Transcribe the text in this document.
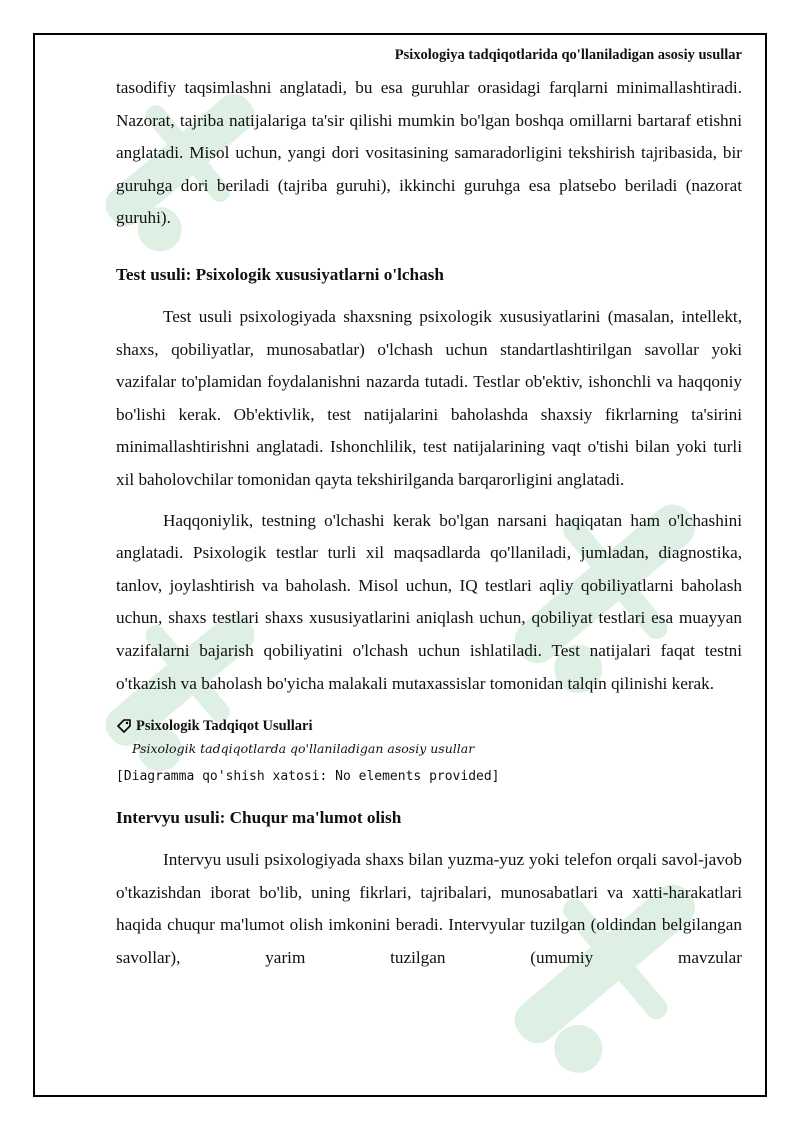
Psixologiya tadqiqotlarida qo'llaniladigan asosiy usullar

tasodifiy taqsimlashni anglatadi, bu esa guruhlar orasidagi farqlarni minimallashtiradi. Nazorat, tajriba natijalariga ta'sir qilishi mumkin bo'lgan boshqa omillarni bartaraf etishni anglatadi. Misol uchun, yangi dori vositasining samaradorligini tekshirish tajribasida, bir guruhga dori beriladi (tajriba guruhi), ikkinchi guruhga esa platsebo beriladi (nazorat guruhi).

Test usuli: Psixologik xususiyatlarni o'lchash

Test usuli psixologiyada shaxsning psixologik xususiyatlarini (masalan, intellekt, shaxs, qobiliyatlar, munosabatlar) o'lchash uchun standartlashtirilgan savollar yoki vazifalar to'plamidan foydalanishni nazarda tutadi. Testlar ob'ektiv, ishonchli va haqqoniy bo'lishi kerak. Ob'ektivlik, test natijalarini baholashda shaxsiy fikrlarning ta'sirini minimallashtirishni anglatadi. Ishonchlilik, test natijalarining vaqt o'tishi bilan yoki turli xil baholovchilar tomonidan qayta tekshirilganda barqarorligini anglatadi.

Haqqoniylik, testning o'lchashi kerak bo'lgan narsani haqiqatan ham o'lchashini anglatadi. Psixologik testlar turli xil maqsadlarda qo'llaniladi, jumladan, diagnostika, tanlov, joylashtirish va baholash. Misol uchun, IQ testlari aqliy qobiliyatlarni baholash uchun, shaxs testlari shaxs xususiyatlarini aniqlash uchun, qobiliyat testlari esa muayyan vazifalarni bajarish qobiliyatini o'lchash uchun ishlatiladi. Test natijalari faqat testni o'tkazish va baholash bo'yicha malakali mutaxassislar tomonidan talqin qilinishi kerak.

Psixologik Tadqiqot Usullari
Psixologik tadqiqotlarda qo'llaniladigan asosiy usullar
[Diagramma qo'shish xatosi: No elements provided]
Intervyu usuli: Chuqur ma'lumot olish

Intervyu usuli psixologiyada shaxs bilan yuzma-yuz yoki telefon orqali savol-javob o'tkazishdan iborat bo'lib, uning fikrlari, tajribalari, munosabatlari va xatti-harakatlari haqida chuqur ma'lumot olish imkonini beradi. Intervyular tuzilgan (oldindan belgilangan savollar), yarim tuzilgan (umumiy mavzular
